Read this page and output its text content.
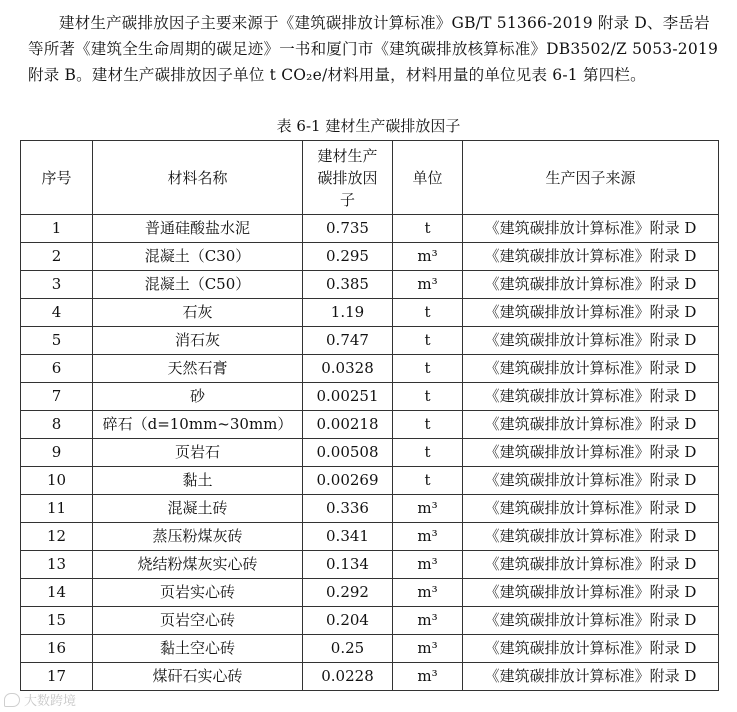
建材生产碳排放因子主要来源于《建筑碳排放计算标准》GB/T 51366-2019 附录 D、李岳岩等所著《建筑全生命周期的碳足迹》一书和厦门市《建筑碳排放核算标准》DB3502/Z 5053-2019 附录 B。建材生产碳排放因子单位 t CO₂e/材料用量，材料用量的单位见表 6-1 第四栏。

表 6-1 建材生产碳排放因子
序号	材料名称	建材生产碳排放因子	单位	生产因子来源
1	普通硅酸盐水泥	0.735	t	《建筑碳排放计算标准》附录 D
2	混凝土（C30）	0.295	m³	《建筑碳排放计算标准》附录 D
3	混凝土（C50）	0.385	m³	《建筑碳排放计算标准》附录 D
4	石灰	1.19	t	《建筑碳排放计算标准》附录 D
5	消石灰	0.747	t	《建筑碳排放计算标准》附录 D
6	天然石膏	0.0328	t	《建筑碳排放计算标准》附录 D
7	砂	0.00251	t	《建筑碳排放计算标准》附录 D
8	碎石（d=10mm~30mm）	0.00218	t	《建筑碳排放计算标准》附录 D
9	页岩石	0.00508	t	《建筑碳排放计算标准》附录 D
10	黏土	0.00269	t	《建筑碳排放计算标准》附录 D
11	混凝土砖	0.336	m³	《建筑碳排放计算标准》附录 D
12	蒸压粉煤灰砖	0.341	m³	《建筑碳排放计算标准》附录 D
13	烧结粉煤灰实心砖	0.134	m³	《建筑碳排放计算标准》附录 D
14	页岩实心砖	0.292	m³	《建筑碳排放计算标准》附录 D
15	页岩空心砖	0.204	m³	《建筑碳排放计算标准》附录 D
16	黏土空心砖	0.25	m³	《建筑碳排放计算标准》附录 D
17	煤矸石实心砖	0.0228	m³	《建筑碳排放计算标准》附录 D
大数跨境
